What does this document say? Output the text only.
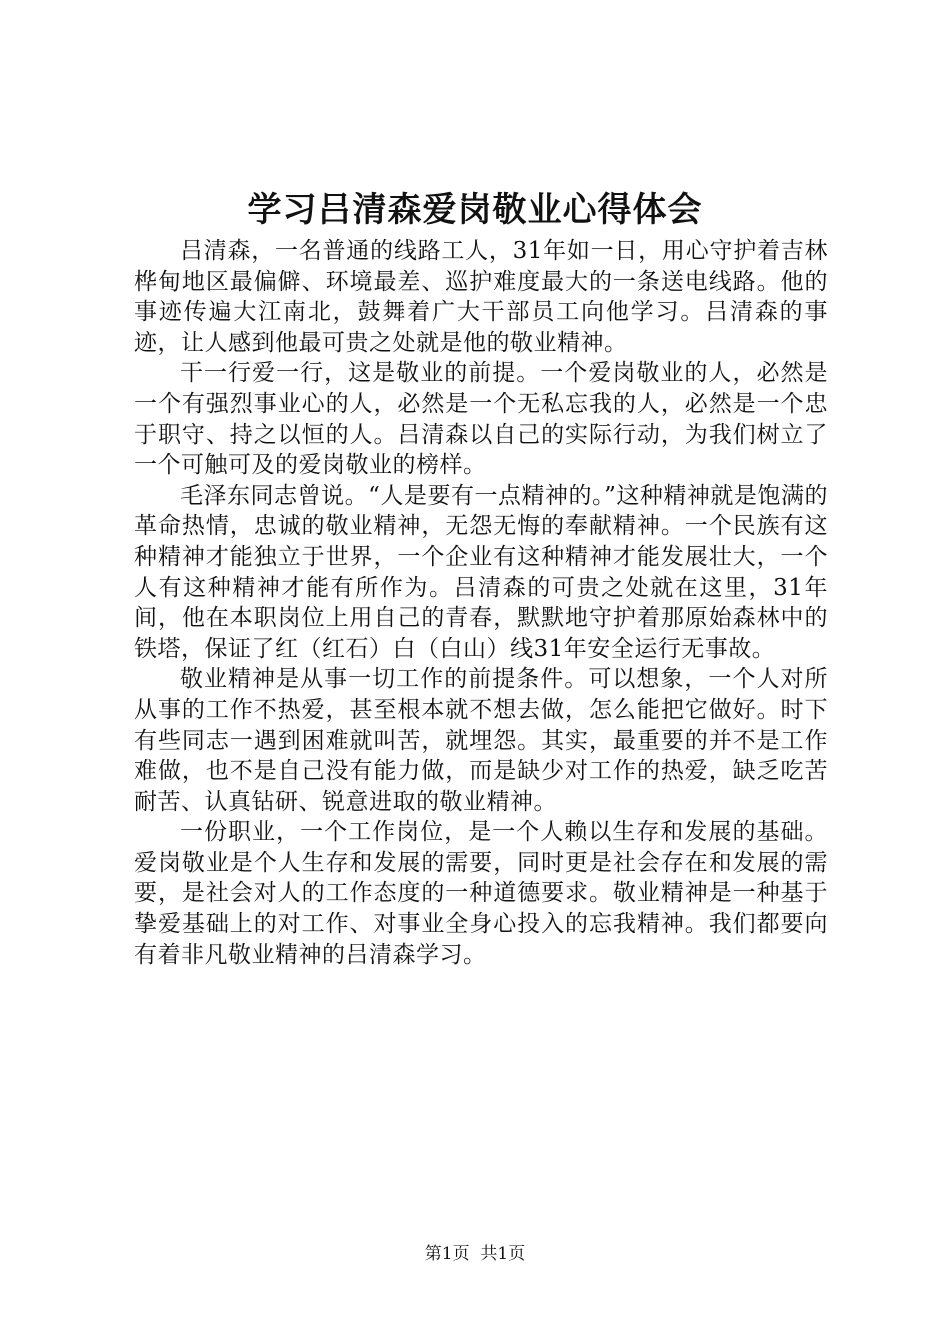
学习吕清森爱岗敬业心得体会

吕清森，一名普通的线路工人，31年如一日，用心守护着吉林桦甸地区最偏僻、环境最差、巡护难度最大的一条送电线路。他的事迹传遍大江南北，鼓舞着广大干部员工向他学习。吕清森的事迹，让人感到他最可贵之处就是他的敬业精神。

干一行爱一行，这是敬业的前提。一个爱岗敬业的人，必然是一个有强烈事业心的人，必然是一个无私忘我的人，必然是一个忠于职守、持之以恒的人。吕清森以自己的实际行动，为我们树立了一个可触可及的爱岗敬业的榜样。

毛泽东同志曾说。“人是要有一点精神的。”这种精神就是饱满的革命热情，忠诚的敬业精神，无怨无悔的奉献精神。一个民族有这种精神才能独立于世界，一个企业有这种精神才能发展壮大，一个人有这种精神才能有所作为。吕清森的可贵之处就在这里，31年间，他在本职岗位上用自己的青春，默默地守护着那原始森林中的铁塔，保证了红（红石）白（白山）线31年安全运行无事故。

敬业精神是从事一切工作的前提条件。可以想象，一个人对所从事的工作不热爱，甚至根本就不想去做，怎么能把它做好。时下有些同志一遇到困难就叫苦，就埋怨。其实，最重要的并不是工作难做，也不是自己没有能力做，而是缺少对工作的热爱，缺乏吃苦耐苦、认真钻研、锐意进取的敬业精神。

一份职业，一个工作岗位，是一个人赖以生存和发展的基础。爱岗敬业是个人生存和发展的需要，同时更是社会存在和发展的需要，是社会对人的工作态度的一种道德要求。敬业精神是一种基于挚爱基础上的对工作、对事业全身心投入的忘我精神。我们都要向有着非凡敬业精神的吕清森学习。

第1页 共1页
